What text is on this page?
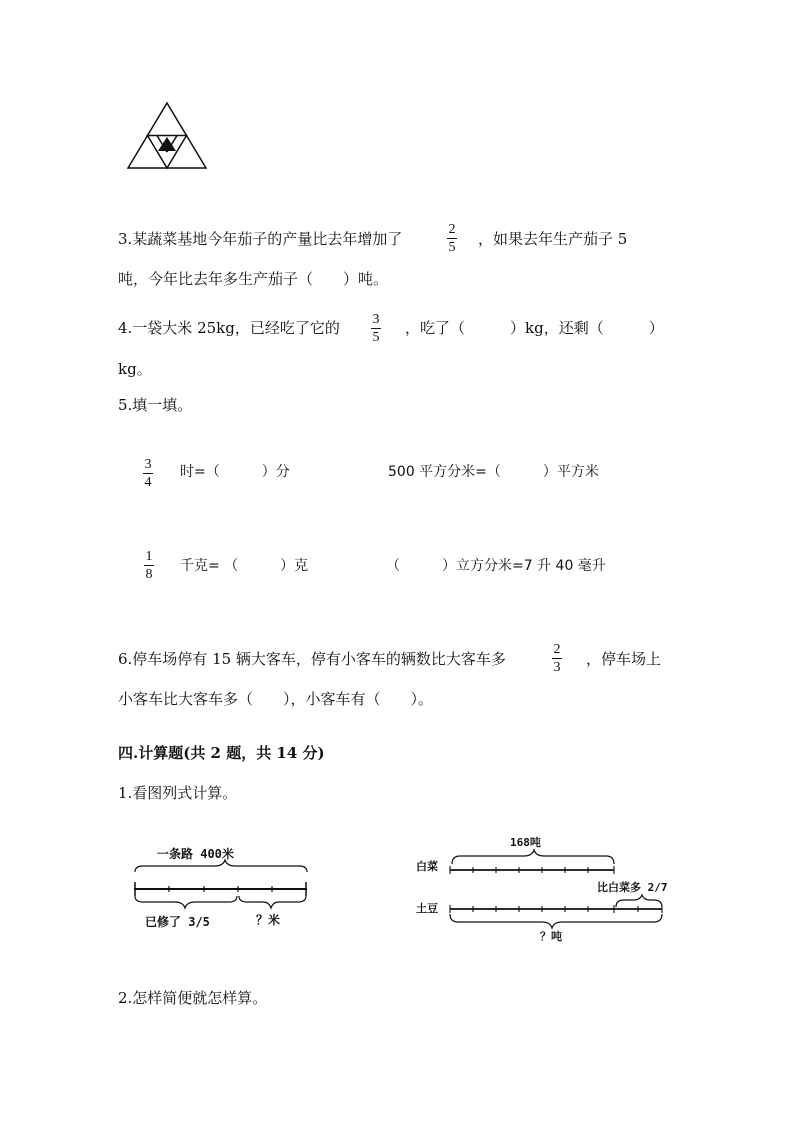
3.某蔬菜基地今年茄子的产量比去年增加了
2
5 ，如果去年生产茄子 5
吨，今年比去年多生产茄子（　　）吨。
4.一袋大米 25kg，已经吃了它的 3
5
，吃了（　　　）kg，还剩（　　　）
kg。
5.填一填。
3
4
时=（　　　）分	500 平方分米=（　　　）平方米
1
8
千克= （　　　）克	（　　　）立方分米=7 升 40 毫升
6.停车场停有 15 辆大客车，停有小客车的辆数比大客车多
2
3 ，停车场上
小客车比大客车多（　　），小客车有（　　）。
四.计算题(共 2 题，共 14 分)
1.看图列式计算。
一条路 400米
已修了 3/5	？米
168吨
白菜
比白菜多 2/7
土豆
？吨
2.怎样简便就怎样算。
